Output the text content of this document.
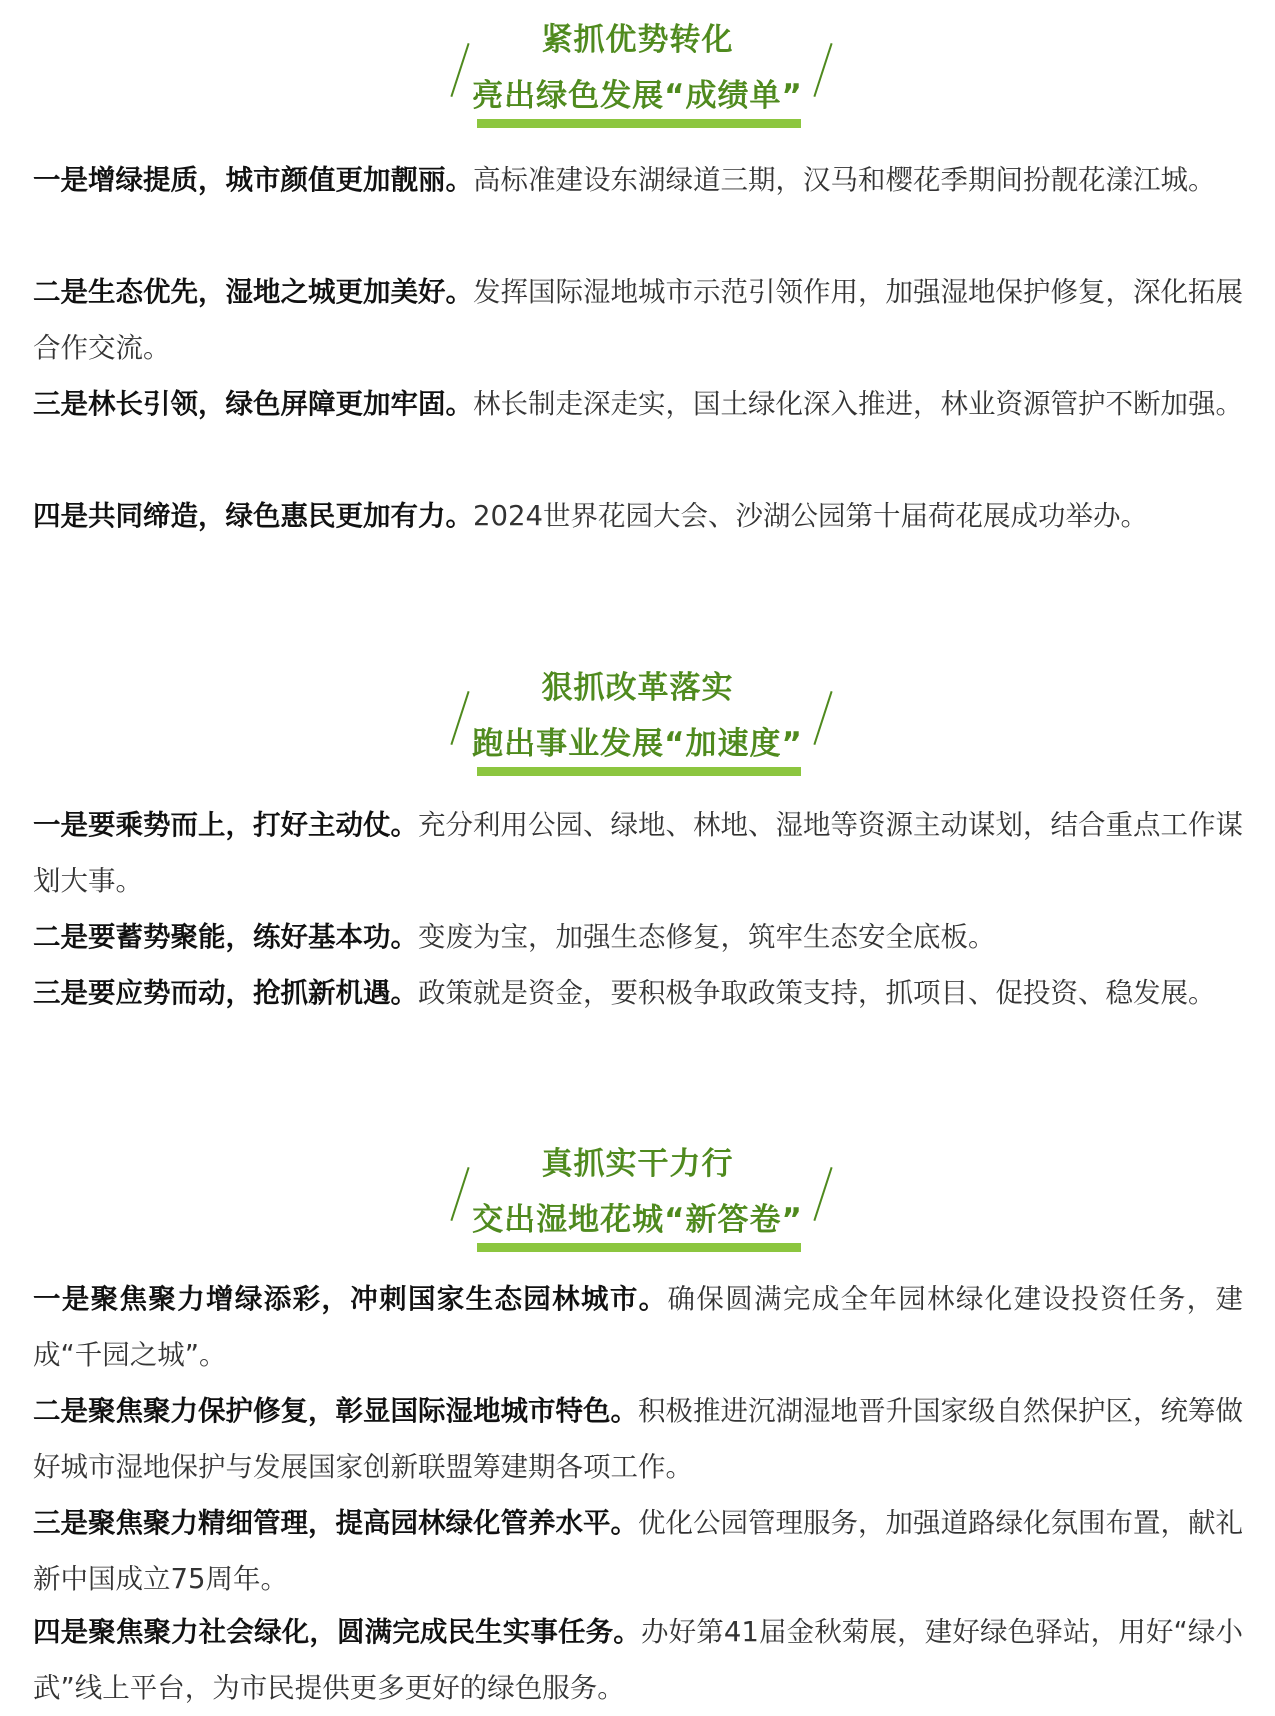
紧抓优势转化
亮出绿色发展“成绩单”

一是增绿提质，城市颜值更加靓丽。高标准建设东湖绿道三期，汉马和樱花季期间扮靓花漾江城。

二是生态优先，湿地之城更加美好。发挥国际湿地城市示范引领作用，加强湿地保护修复，深化拓展合作交流。

三是林长引领，绿色屏障更加牢固。林长制走深走实，国土绿化深入推进，林业资源管护不断加强。

四是共同缔造，绿色惠民更加有力。2024世界花园大会、沙湖公园第十届荷花展成功举办。

狠抓改革落实
跑出事业发展“加速度”

一是要乘势而上，打好主动仗。充分利用公园、绿地、林地、湿地等资源主动谋划，结合重点工作谋划大事。

二是要蓄势聚能，练好基本功。变废为宝，加强生态修复，筑牢生态安全底板。

三是要应势而动，抢抓新机遇。政策就是资金，要积极争取政策支持，抓项目、促投资、稳发展。

真抓实干力行
交出湿地花城“新答卷”

一是聚焦聚力增绿添彩，冲刺国家生态园林城市。确保圆满完成全年园林绿化建设投资任务，建成“千园之城”。

二是聚焦聚力保护修复，彰显国际湿地城市特色。积极推进沉湖湿地晋升国家级自然保护区，统筹做好城市湿地保护与发展国家创新联盟筹建期各项工作。

三是聚焦聚力精细管理，提高园林绿化管养水平。优化公园管理服务，加强道路绿化氛围布置，献礼新中国成立75周年。

四是聚焦聚力社会绿化，圆满完成民生实事任务。办好第41届金秋菊展，建好绿色驿站，用好“绿小武”线上平台，为市民提供更多更好的绿色服务。
